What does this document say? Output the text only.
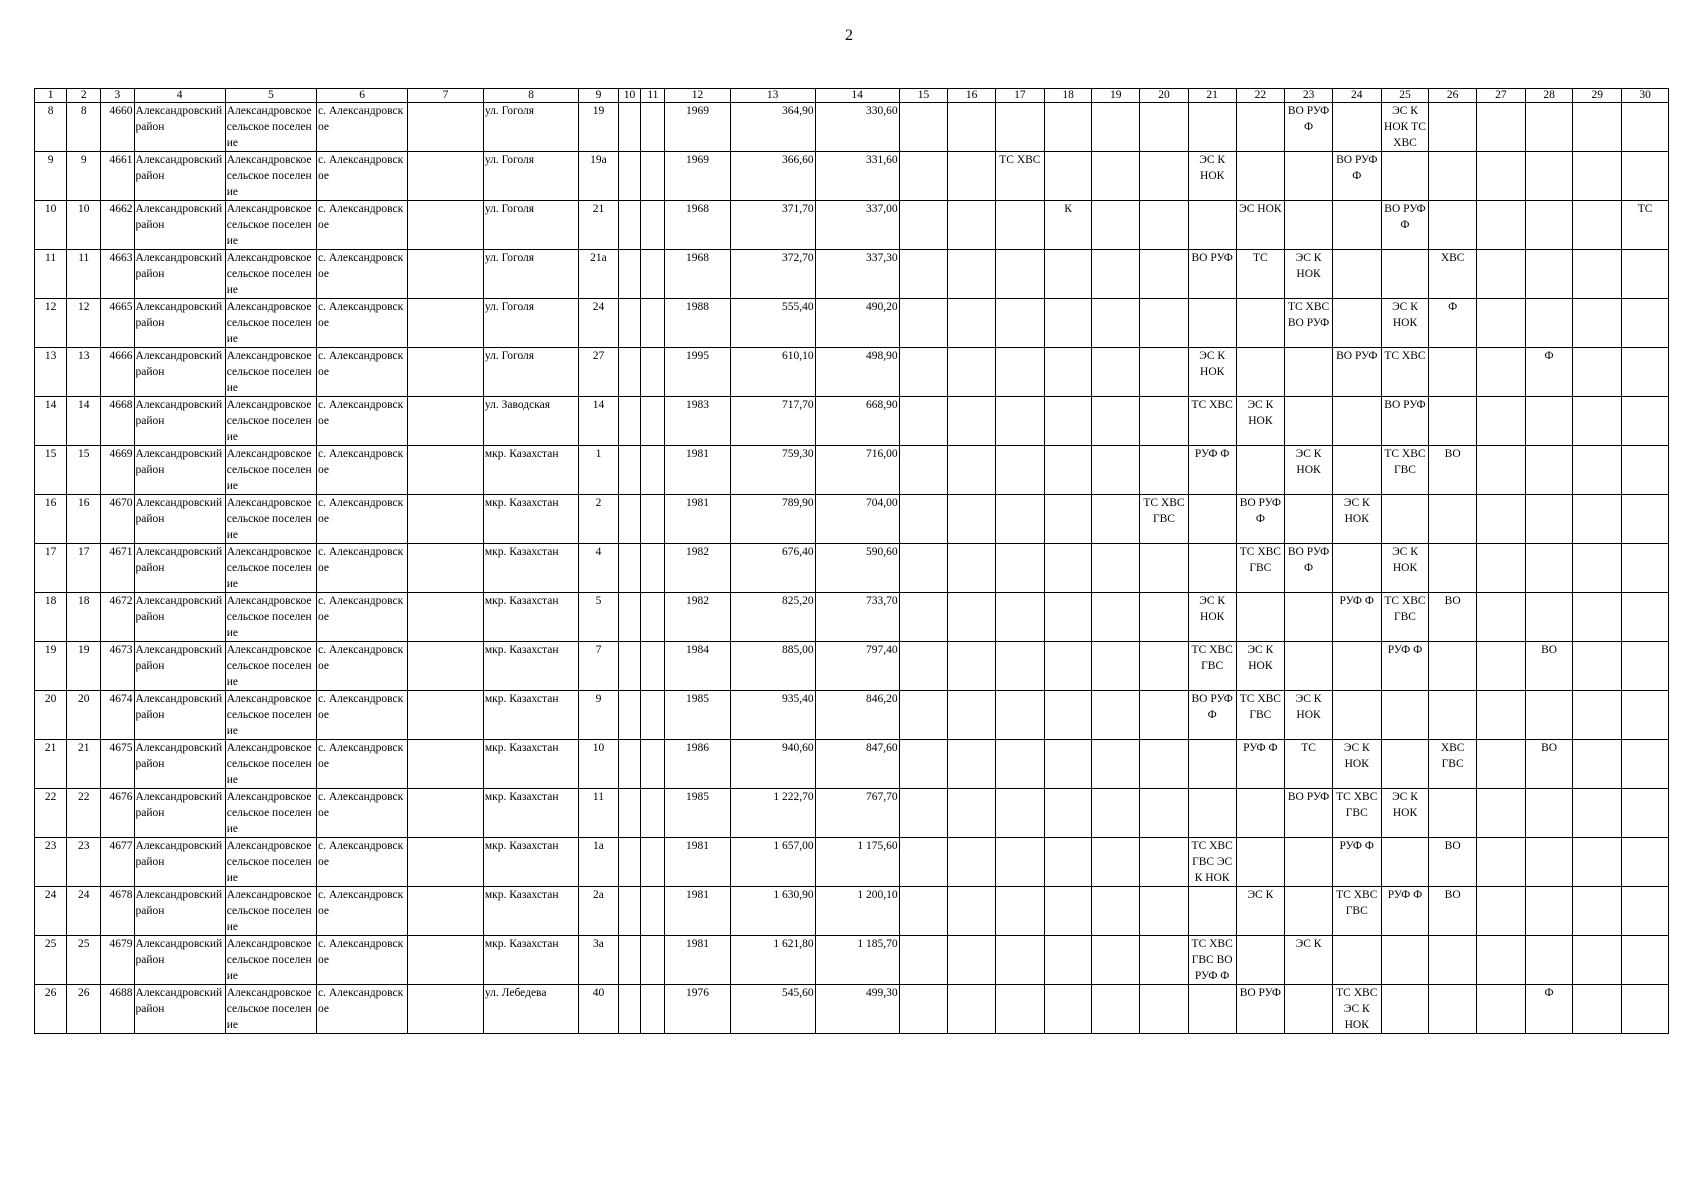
2
1	2	3	4	5	6	7	8	9	10	11	12	13	14	15	16	17	18	19	20	21	22	23	24	25	26	27	28	29	30
8	8	4660	Александровский район	Александровское сельское поселение	с. Александровское		ул. Гоголя	19			1969	364,90	330,60									ВО РУФ Ф		ЭС К НОК ТС ХВС					
9	9	4661	Александровский район	Александровское сельское поселение	с. Александровское		ул. Гоголя	19а			1969	366,60	331,60			ТС ХВС				ЭС К НОК			ВО РУФ Ф						
10	10	4662	Александровский район	Александровское сельское поселение	с. Александровское		ул. Гоголя	21			1968	371,70	337,00				К				ЭС НОК			ВО РУФ Ф					ТС
11	11	4663	Александровский район	Александровское сельское поселение	с. Александровское		ул. Гоголя	21а			1968	372,70	337,30							ВО РУФ	ТС	ЭС К НОК			ХВС				
12	12	4665	Александровский район	Александровское сельское поселение	с. Александровское		ул. Гоголя	24			1988	555,40	490,20									ТС ХВС ВО РУФ		ЭС К НОК	Ф				
13	13	4666	Александровский район	Александровское сельское поселение	с. Александровское		ул. Гоголя	27			1995	610,10	498,90							ЭС К НОК			ВО РУФ	ТС ХВС			Ф		
14	14	4668	Александровский район	Александровское сельское поселение	с. Александровское		ул. Заводская	14			1983	717,70	668,90							ТС ХВС	ЭС К НОК			ВО РУФ					
15	15	4669	Александровский район	Александровское сельское поселение	с. Александровское		мкр. Казахстан	1			1981	759,30	716,00							РУФ Ф		ЭС К НОК		ТС ХВС ГВС	ВО				
16	16	4670	Александровский район	Александровское сельское поселение	с. Александровское		мкр. Казахстан	2			1981	789,90	704,00						ТС ХВС ГВС		ВО РУФ Ф		ЭС К НОК						
17	17	4671	Александровский район	Александровское сельское поселение	с. Александровское		мкр. Казахстан	4			1982	676,40	590,60								ТС ХВС ГВС	ВО РУФ Ф		ЭС К НОК					
18	18	4672	Александровский район	Александровское сельское поселение	с. Александровское		мкр. Казахстан	5			1982	825,20	733,70							ЭС К НОК			РУФ Ф	ТС ХВС ГВС	ВО				
19	19	4673	Александровский район	Александровское сельское поселение	с. Александровское		мкр. Казахстан	7			1984	885,00	797,40							ТС ХВС ГВС	ЭС К НОК			РУФ Ф			ВО		
20	20	4674	Александровский район	Александровское сельское поселение	с. Александровское		мкр. Казахстан	9			1985	935,40	846,20							ВО РУФ Ф	ТС ХВС ГВС	ЭС К НОК							
21	21	4675	Александровский район	Александровское сельское поселение	с. Александровское		мкр. Казахстан	10			1986	940,60	847,60								РУФ Ф	ТС	ЭС К НОК		ХВС ГВС		ВО		
22	22	4676	Александровский район	Александровское сельское поселение	с. Александровское		мкр. Казахстан	11			1985	1 222,70	767,70									ВО РУФ	ТС ХВС ГВС	ЭС К НОК					
23	23	4677	Александровский район	Александровское сельское поселение	с. Александровское		мкр. Казахстан	1а			1981	1 657,00	1 175,60							ТС ХВС ГВС ЭС К НОК			РУФ Ф		ВО				
24	24	4678	Александровский район	Александровское сельское поселение	с. Александровское		мкр. Казахстан	2а			1981	1 630,90	1 200,10								ЭС К		ТС ХВС ГВС	РУФ Ф	ВО				
25	25	4679	Александровский район	Александровское сельское поселение	с. Александровское		мкр. Казахстан	3а			1981	1 621,80	1 185,70							ТС ХВС ГВС ВО РУФ Ф		ЭС К							
26	26	4688	Александровский район	Александровское сельское поселение	с. Александровское		ул. Лебедева	40			1976	545,60	499,30								ВО РУФ		ТС ХВС ЭС К НОК				Ф		
